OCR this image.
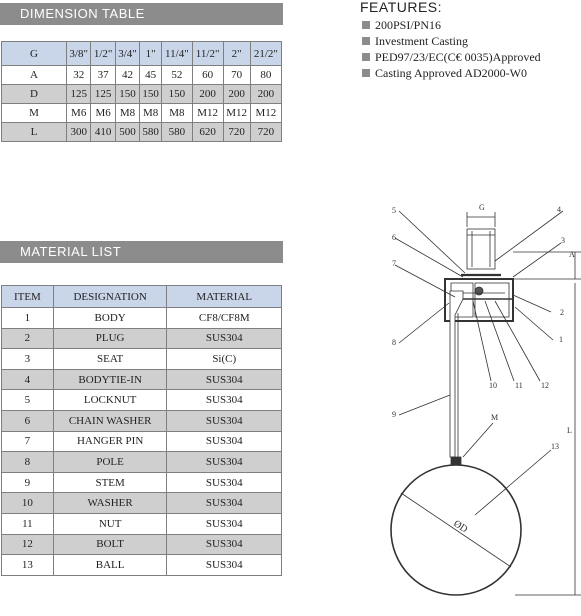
DIMENSION TABLE
G	3/8"	1/2"	3/4"	1"	11/4"	11/2"	2"	21/2"
A	32	37	42	45	52	60	70	80
D	125	125	150	150	150	200	200	200
M	M6	M6	M8	M8	M8	M12	M12	M12
L	300	410	500	580	580	620	720	720
MATERIAL LIST
ITEM	DESIGNATION	MATERIAL
1	BODY	CF8/CF8M
2	PLUG	SUS304
3	SEAT	Si(C)
4	BODYTIE-IN	SUS304
5	LOCKNUT	SUS304
6	CHAIN WASHER	SUS304
7	HANGER PIN	SUS304
8	POLE	SUS304
9	STEM	SUS304
10	WASHER	SUS304
11	NUT	SUS304
12	BOLT	SUS304
13	BALL	SUS304
FEATURES:
200PSI/PN16
Investment Casting
PED97/23/EC(C€ 0035)Approved
Casting Approved AD2000-W0
ØD
G
A
L
5	4
6	3
7
2
1
8
10 11 12
9	M
13
